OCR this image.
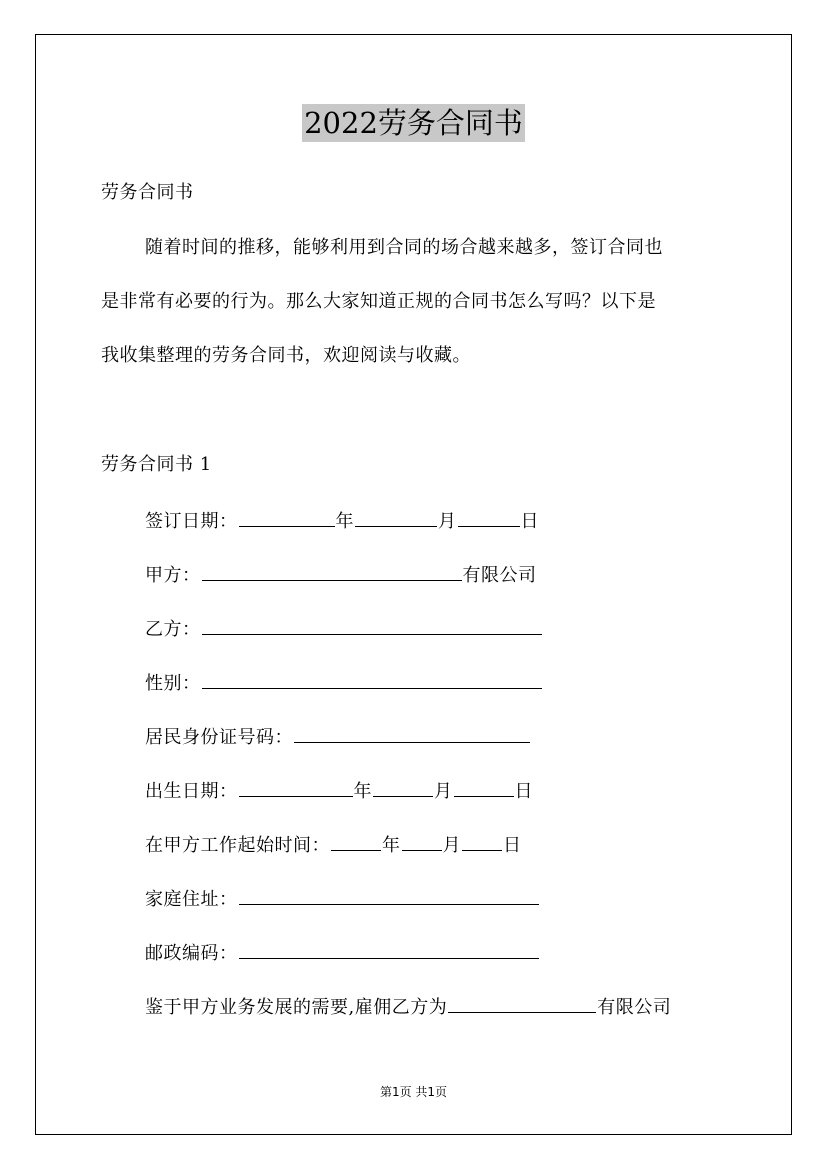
2022劳务合同书
劳务合同书
随着时间的推移，能够利用到合同的场合越来越多，签订合同也
是非常有必要的行为。那么大家知道正规的合同书怎么写吗？以下是
我收集整理的劳务合同书，欢迎阅读与收藏。
劳务合同书 1
签订日期：	年	月	日
甲方：	有限公司
乙方：
性别：
居民身份证号码：
出生日期：	年	月	日
在甲方工作起始时间：	年 月 日
家庭住址：
邮政编码：
鉴于甲方业务发展的需要,雇佣乙方为	有限公司
第1页 共1页
